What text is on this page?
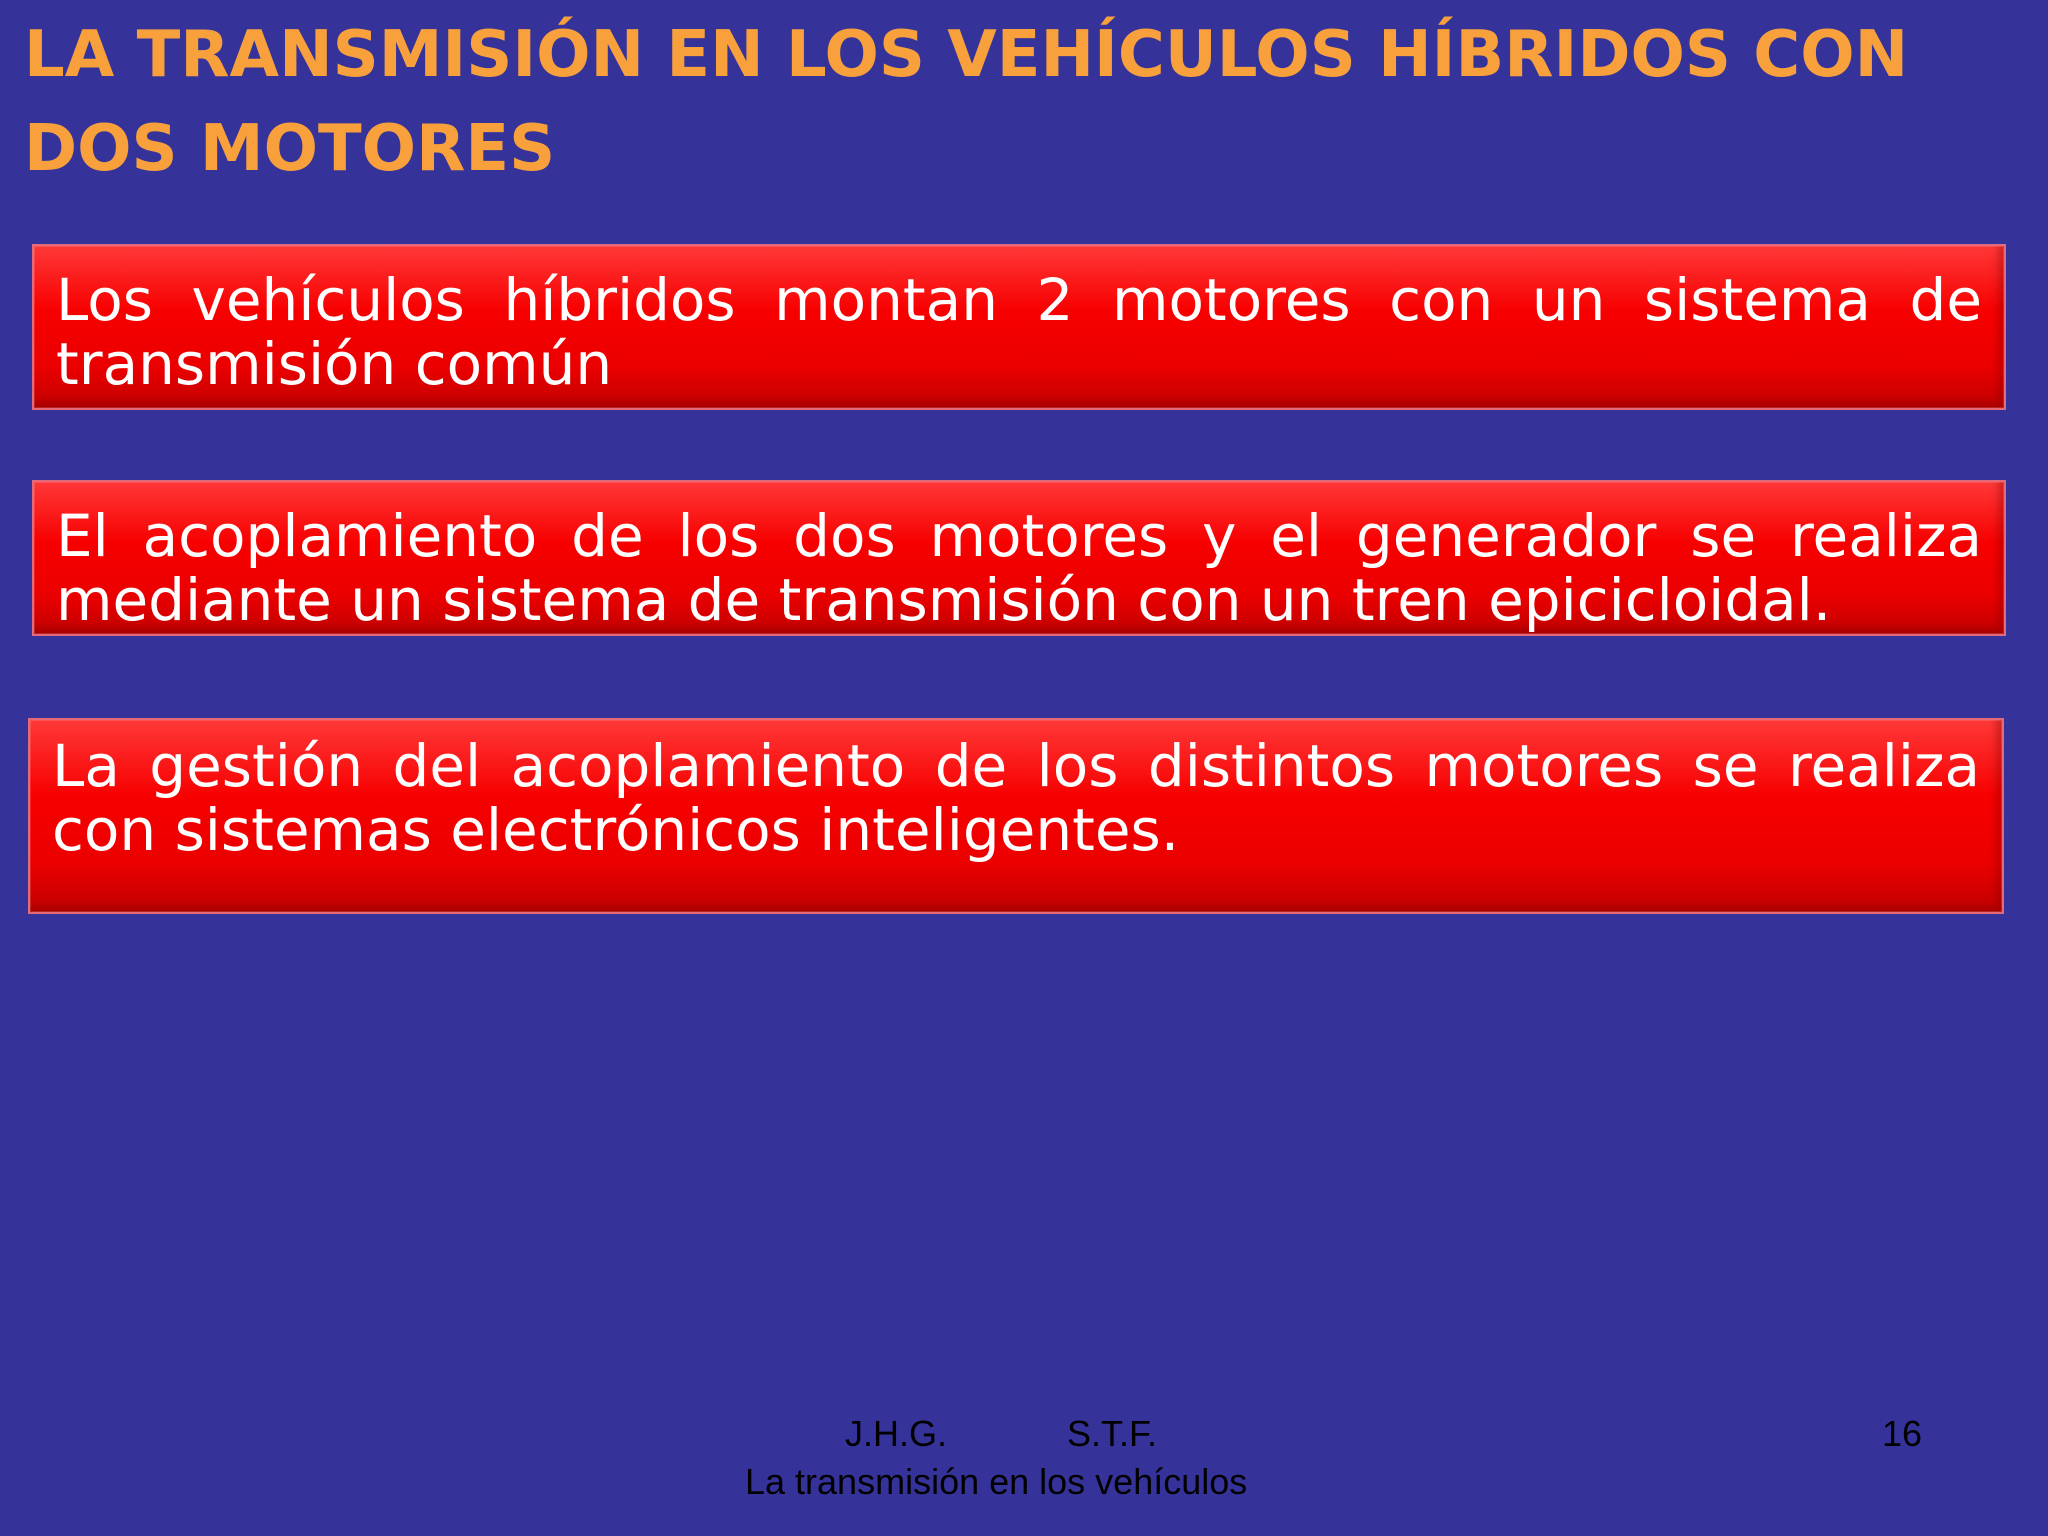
LA TRANSMISIÓN EN LOS VEHÍCULOS HÍBRIDOS CON DOS MOTORES
Los vehículos híbridos montan 2 motores con un sistema de transmisión común
El acoplamiento de los dos motores y el generador se realiza mediante un sistema de transmisión con un tren epicicloidal.
La gestión del acoplamiento de los distintos motores se realiza con sistemas electrónicos inteligentes.
J.H.G.            S.T.F.
La transmisión en los vehículos
16
